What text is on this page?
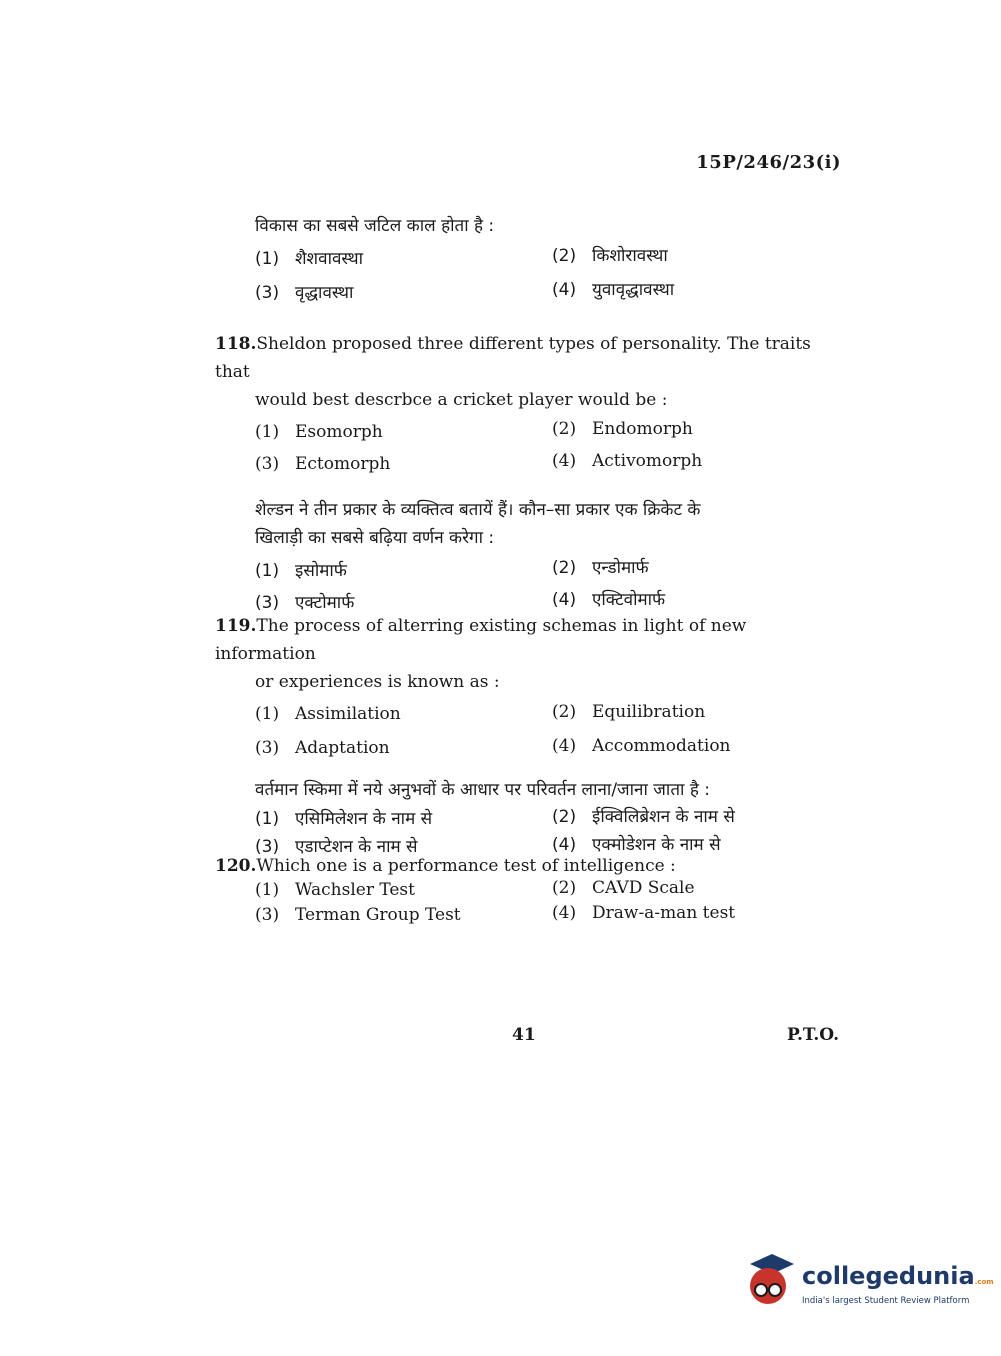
15P/246/23(i)

विकास का सबसे जटिल काल होता है :

(1) शैशवावस्था	(2) किशोरावस्था
(3) वृद्धावस्था	(4) युवावृद्धावस्था

118.Sheldon proposed three different types of personality. The traits that

would best descrbce a cricket player would be :

(1) Esomorph	(2) Endomorph
(3) Ectomorph	(4) Activomorph

शेल्डन ने तीन प्रकार के व्यक्तित्व बतायें हैं। कौन–सा प्रकार एक क्रिकेट के

खिलाड़ी का सबसे बढ़िया वर्णन करेगा :

(1) इसोमार्फ	(2) एन्डोमार्फ
(3) एक्टोमार्फ	(4) एक्टिवोमार्फ

119.The process of alterring existing schemas in light of new information

or experiences is known as :

(1) Assimilation	(2) Equilibration
(3) Adaptation	(4) Accommodation

वर्तमान स्किमा में नये अनुभवों के आधार पर परिवर्तन लाना/जाना जाता है :

(1) एसिमिलेशन के नाम से	(2) ईक्विलिब्रेशन के नाम से
(3) एडाप्टेशन के नाम से	(4) एक्मोडेशन के नाम से

120.Which one is a performance test of intelligence :

(1) Wachsler Test	(2) CAVD Scale
(3) Terman Group Test	(4) Draw-a-man test
41	P.T.O.
collegedunia.com
India's largest Student Review Platform
